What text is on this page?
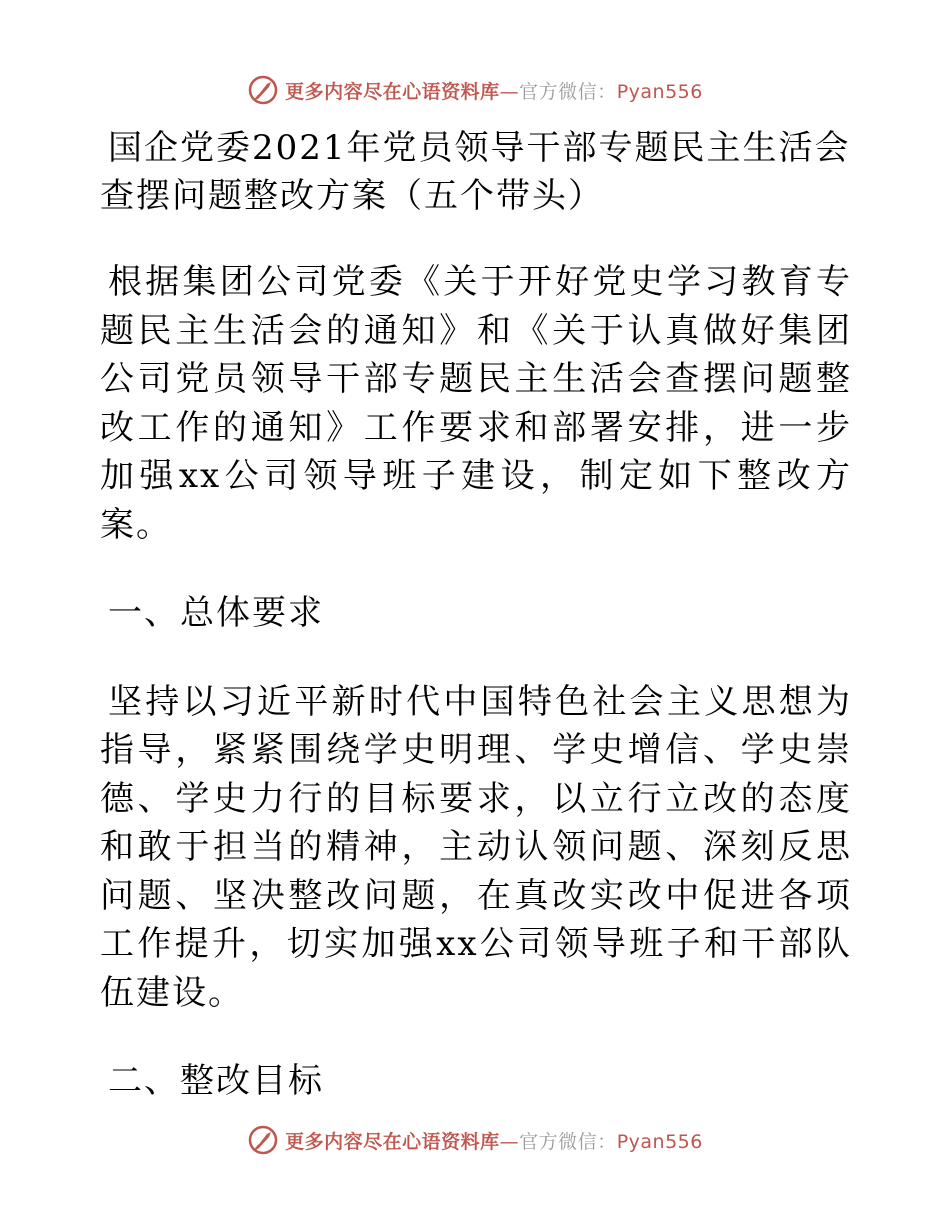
更多内容尽在心语资料库—官方微信：Pyan556
国企党委2021年党员领导干部专题民主生活会查摆问题整改方案（五个带头）

根据集团公司党委《关于开好党史学习教育专题民主生活会的通知》和《关于认真做好集团公司党员领导干部专题民主生活会查摆问题整改工作的通知》工作要求和部署安排，进一步加强xx公司领导班子建设，制定如下整改方案。

一、总体要求

坚持以习近平新时代中国特色社会主义思想为指导，紧紧围绕学史明理、学史增信、学史崇德、学史力行的目标要求，以立行立改的态度和敢于担当的精神，主动认领问题、深刻反思问题、坚决整改问题，在真改实改中促进各项工作提升，切实加强xx公司领导班子和干部队伍建设。

二、整改目标

更多内容尽在心语资料库—官方微信：Pyan556
